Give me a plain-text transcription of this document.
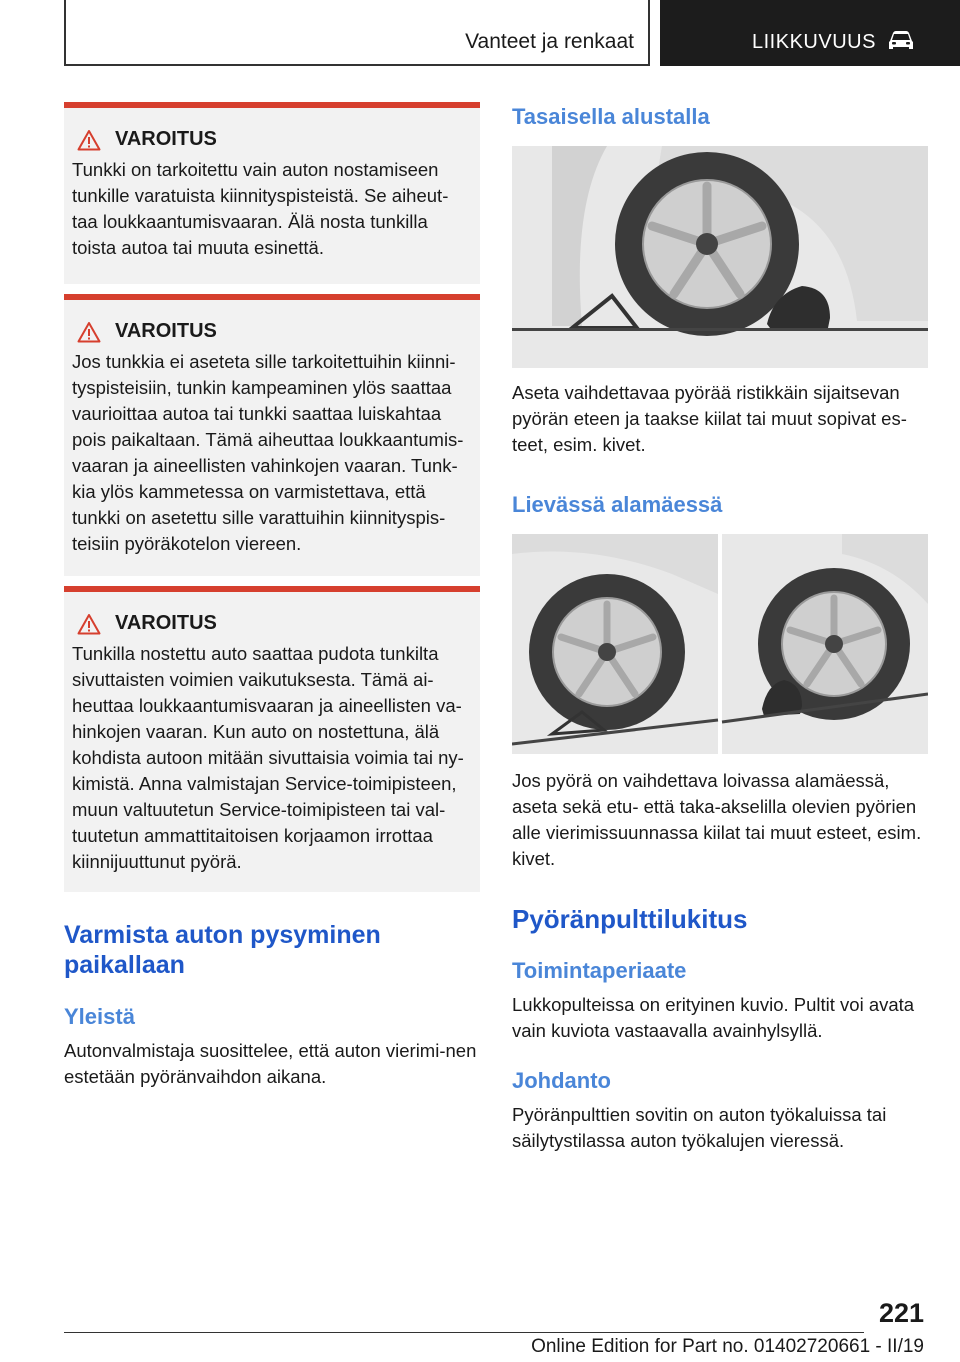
Vanteet ja renkaat	LIIKKUVUUS
VAROITUS
Tunkki on tarkoitettu vain auton nostamiseen tunkille varatuista kiinnityspisteistä. Se aiheut-taa loukkaantumisvaaran. Älä nosta tunkilla toista autoa tai muuta esinettä.
VAROITUS
Jos tunkkia ei aseteta sille tarkoitettuihin kiinni-tyspisteisiin, tunkin kampeaminen ylös saattaa vaurioittaa autoa tai tunkki saattaa luiskahtaa pois paikaltaan. Tämä aiheuttaa loukkaantumis-vaaran ja aineellisten vahinkojen vaaran. Tunk-kia ylös kammetessa on varmistettava, että tunkki on asetettu sille varattuihin kiinnityspis-teisiin pyöräkotelon viereen.
VAROITUS
Tunkilla nostettu auto saattaa pudota tunkilta sivuttaisten voimien vaikutuksesta. Tämä ai-heuttaa loukkaantumisvaaran ja aineellisten va-hinkojen vaaran. Kun auto on nostettuna, älä kohdista autoon mitään sivuttaisia voimia tai ny-kimistä. Anna valmistajan Service-toimipisteen, muun valtuutetun Service-toimipisteen tai val-tuutetun ammattitaitoisen korjaamon irrottaa kiinnijuuttunut pyörä.
Varmista auton pysyminen paikallaan
Yleistä
Autonvalmistaja suosittelee, että auton vierimi-nen estetään pyöränvaihdon aikana.
Tasaisella alustalla
Aseta vaihdettavaa pyörää ristikkäin sijaitsevan pyörän eteen ja taakse kiilat tai muut sopivat es-teet, esim. kivet.
Lievässä alamäessä
Jos pyörä on vaihdettava loivassa alamäessä, aseta sekä etu- että taka-akselilla olevien pyörien alle vierimissuunnassa kiilat tai muut esteet, esim. kivet.
Pyöränpulttilukitus
Toimintaperiaate
Lukkopulteissa on erityinen kuvio. Pultit voi avata vain kuviota vastaavalla avainhylsyllä.
Johdanto
Pyöränpulttien sovitin on auton työkaluissa tai säilytystilassa auton työkalujen vieressä.
221
Online Edition for Part no. 01402720661 - II/19
